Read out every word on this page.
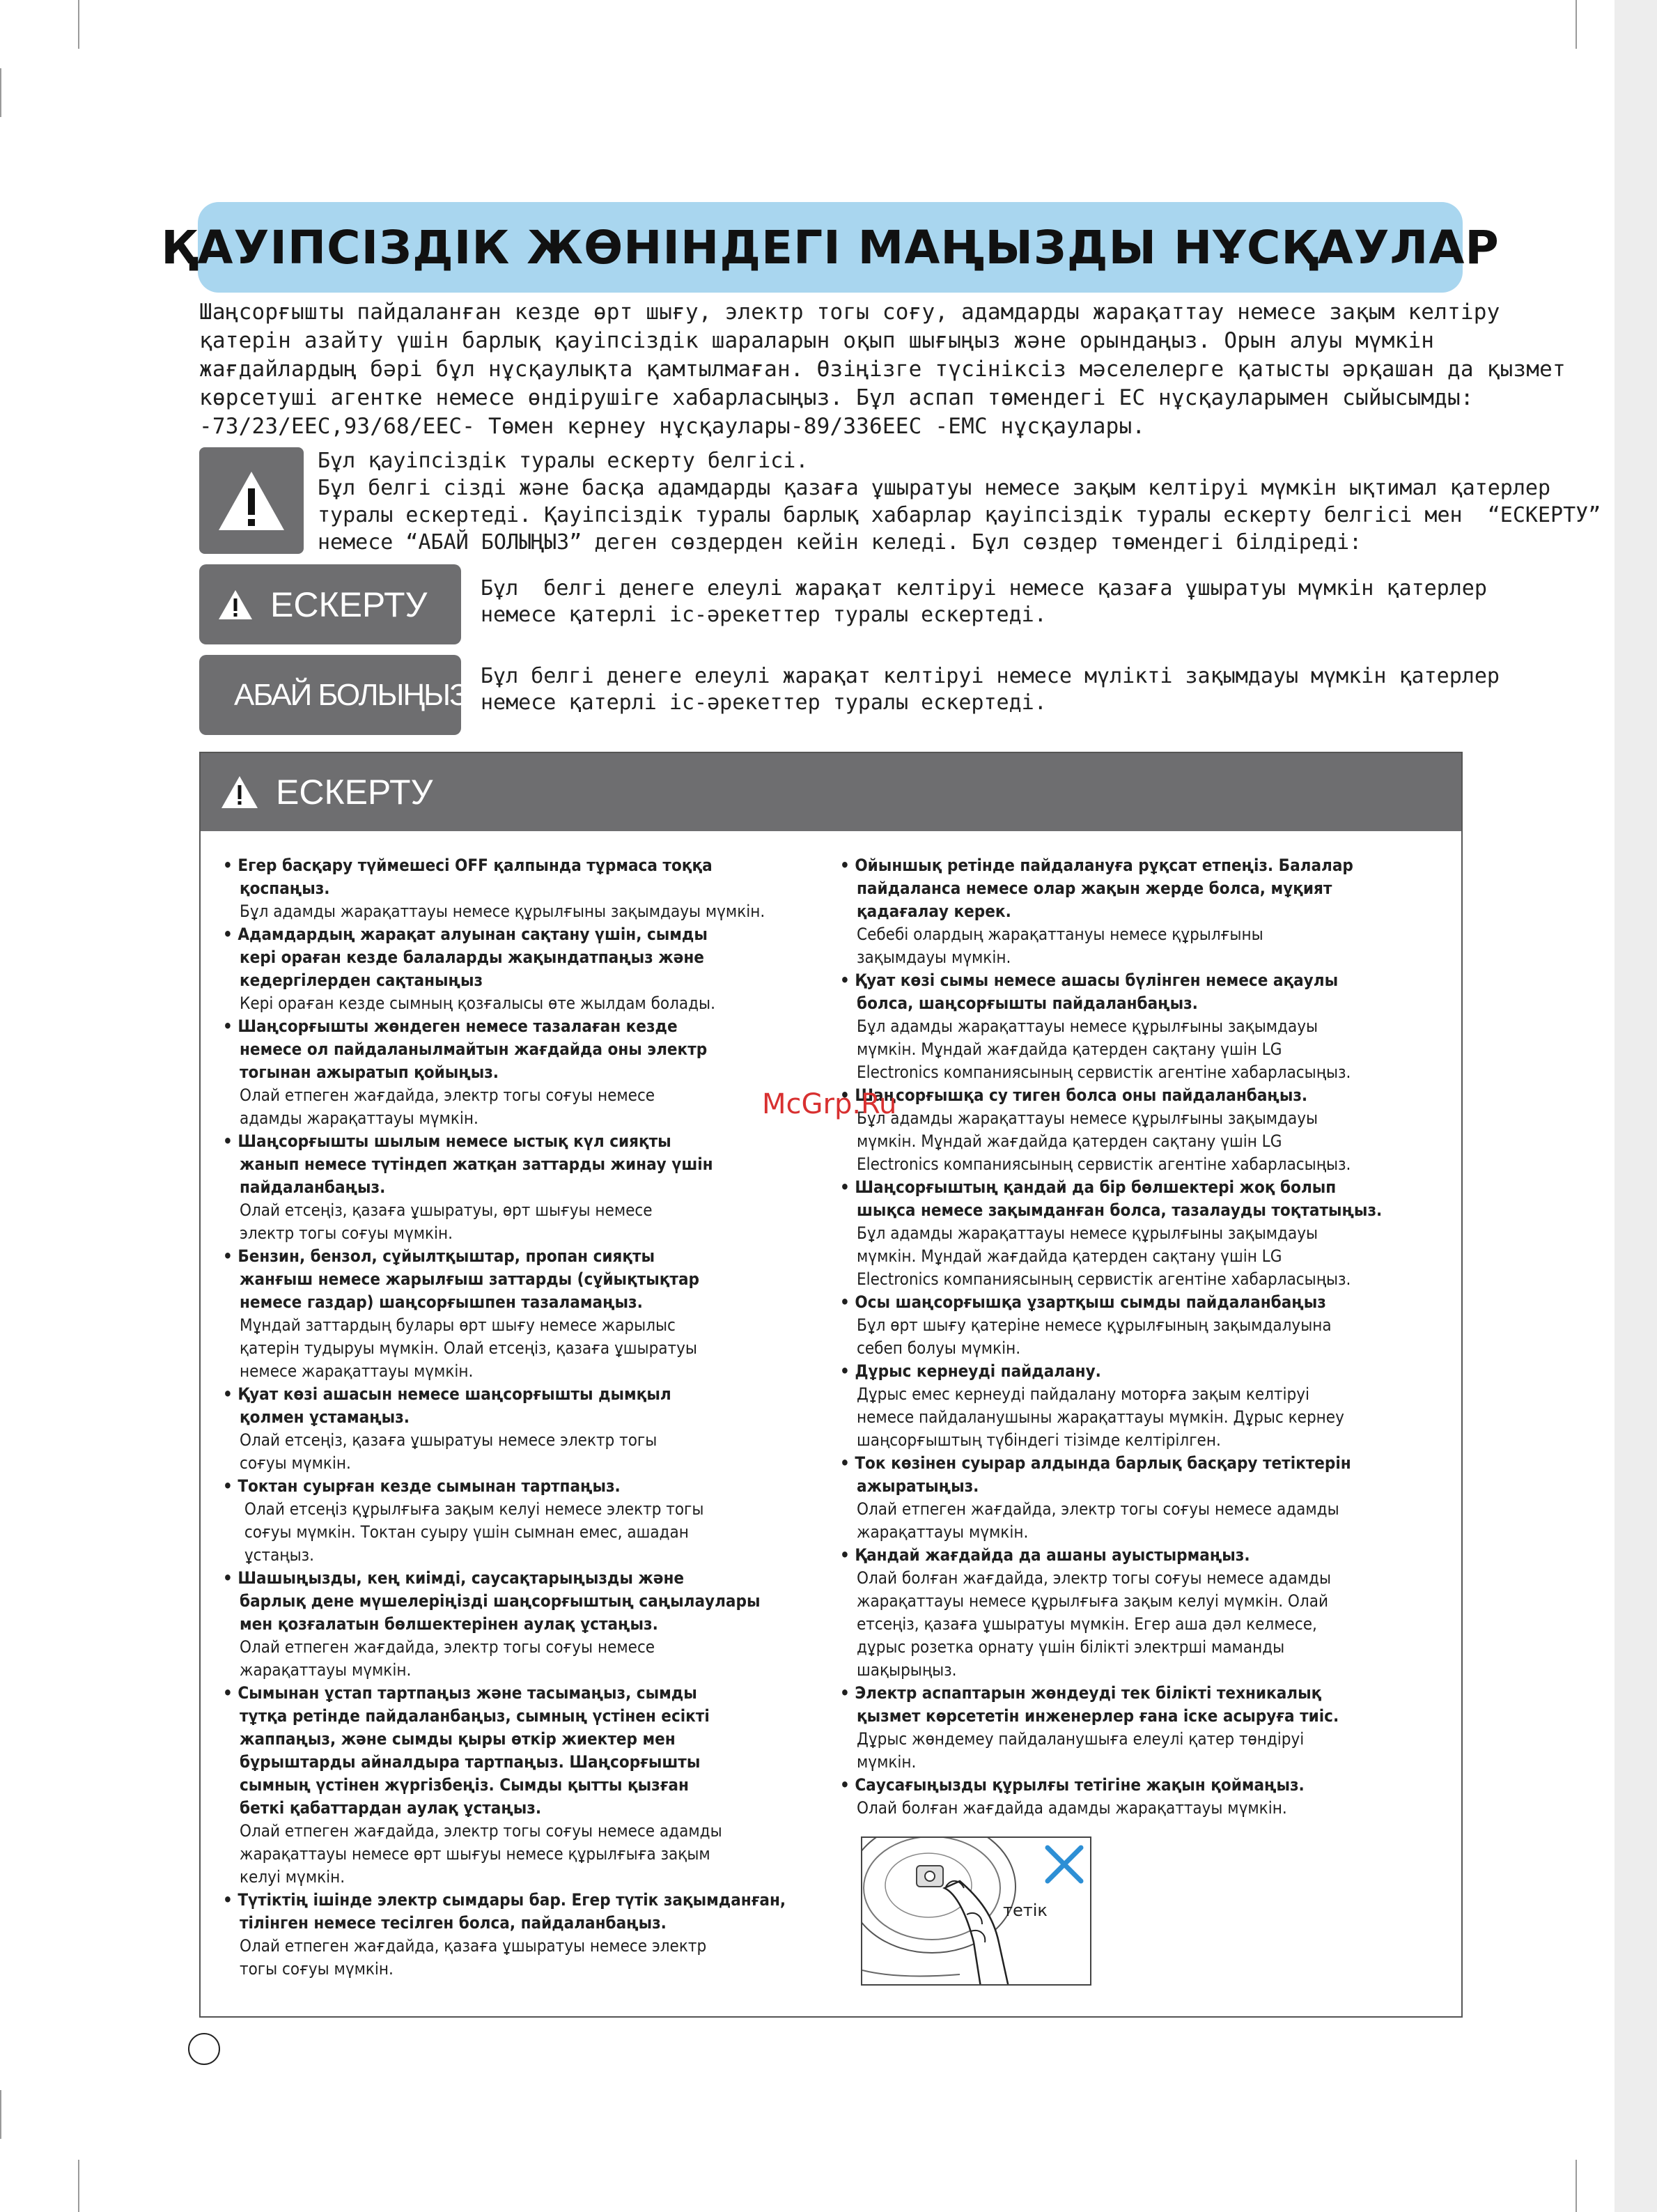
ҚАУІПСІЗДІК ЖӨНІНДЕГІ МАҢЫЗДЫ НҰСҚАУЛАР

Шаңсорғышты пайдаланған кезде өрт шығу, электр тогы соғу, адамдарды жарақаттау немесе зақым келтіру

қатерін азайту үшін барлық қауіпсіздік шараларын оқып шығыңыз және орындаңыз. Орын алуы мүмкін

жағдайлардың бәрі бұл нұсқаулықта қамтылмаған. Өзіңізге түсініксіз мәселелерге қатысты әрқашан да қызмет

көрсетуші агентке немесе өндірушіге хабарласыңыз. Бұл аспап төмендегі ЕС нұсқауларымен сыйысымды:

-73/23/EEC,93/68/EEC- Төмен кернеу нұсқаулары-89/336EEC -EMC нұсқаулары.

Бұл қауіпсіздік туралы ескерту белгісі.

Бұл белгі сізді және басқа адамдарды қазаға ұшыратуы немесе зақым келтіруі мүмкін ықтимал қатерлер

туралы ескертеді. Қауіпсіздік туралы барлық хабарлар қауіпсіздік туралы ескерту белгісі мен  “ЕСКЕРТУ”

немесе “АБАЙ БОЛЫҢЫЗ” деген сөздерден кейін келеді. Бұл сөздер төмендегі білдіреді:

ЕСКЕРТУ	Бұл  белгі денеге елеулі жарақат келтіруі немесе қазаға ұшыратуы мүмкін қатерлер

немесе қатерлі іс-әрекеттер туралы ескертеді.

АБАЙ БОЛЫҢЫЗ

Бұл белгі денеге елеулі жарақат келтіруі немесе мүлікті зақымдауы мүмкін қатерлер

немесе қатерлі іс-әрекеттер туралы ескертеді.

ЕСКЕРТУ
• Егер басқару түймешесі OFF қалпында тұрмаса тоққа
қоспаңыз.
Бұл адамды жарақаттауы немесе құрылғыны зақымдауы мүмкін.
• Адамдардың жарақат алуынан сақтану үшін, сымды
кері ораған кезде балаларды жақындатпаңыз және
кедергілерден сақтаныңыз
Кері ораған кезде сымның қозғалысы өте жылдам болады.
• Шаңсорғышты жөндеген немесе тазалаған кезде
немесе ол пайдаланылмайтын жағдайда оны электр
тогынан ажыратып қойыңыз.
Олай етпеген жағдайда, электр тогы соғуы немесе
адамды жарақаттауы мүмкін.
• Шаңсорғышты шылым немесе ыстық күл сияқты
жанып немесе түтіндеп жатқан заттарды жинау үшін
пайдаланбаңыз.
Олай етсеңіз, қазаға ұшыратуы, өрт шығуы немесе
электр тогы соғуы мүмкін.
• Бензин, бензол, сұйылтқыштар, пропан сияқты
жанғыш немесе жарылғыш заттарды (сұйықтықтар
немесе газдар) шаңсорғышпен тазаламаңыз.
Мұндай заттардың булары өрт шығу немесе жарылыс
қатерін тудыруы мүмкін. Олай етсеңіз, қазаға ұшыратуы
немесе жарақаттауы мүмкін.
• Қуат көзі ашасын немесе шаңсорғышты дымқыл
қолмен ұстамаңыз.
Олай етсеңіз, қазаға ұшыратуы немесе электр тогы
соғуы мүмкін.
• Токтан суырған кезде сымынан тартпаңыз.
Олай етсеңіз құрылғыға зақым келуі немесе электр тогы
соғуы мүмкін. Токтан суыру үшін сымнан емес, ашадан
ұстаңыз.
• Шашыңызды, кең киімді, саусақтарыңызды және
барлық дене мүшелеріңізді шаңсорғыштың саңылаулары
мен қозғалатын бөлшектерінен аулақ ұстаңыз.
Олай етпеген жағдайда, электр тогы соғуы немесе
жарақаттауы мүмкін.
• Сымынан ұстап тартпаңыз және тасымаңыз, сымды
тұтқа ретінде пайдаланбаңыз, сымның үстінен есікті
жаппаңыз, және сымды қыры өткір жиектер мен
бұрыштарды айналдыра тартпаңыз. Шаңсорғышты
сымның үстінен жүргізбеңіз. Сымды қытты қызған
беткі қабаттардан аулақ ұстаңыз.
Олай етпеген жағдайда, электр тогы соғуы немесе адамды
жарақаттауы немесе өрт шығуы немесе құрылғыға зақым
келуі мүмкін.
• Түтіктің ішінде электр сымдары бар. Егер түтік зақымданған,
тілінген немесе тесілген болса, пайдаланбаңыз.
Олай етпеген жағдайда, қазаға ұшыратуы немесе электр
тогы соғуы мүмкін.
• Ойыншық ретінде пайдалануға рұқсат етпеңіз. Балалар
пайдаланса немесе олар жақын жерде болса, мұқият
қадағалау керек.
Себебі олардың жарақаттануы немесе құрылғыны
зақымдауы мүмкін.
• Қуат көзі сымы немесе ашасы бүлінген немесе ақаулы
болса, шаңсорғышты пайдаланбаңыз.
Бұл адамды жарақаттауы немесе құрылғыны зақымдауы
мүмкін. Мұндай жағдайда қатерден сақтану үшін LG
Electronics компаниясының сервистік агентіне хабарласыңыз.
• Шаңсорғышқа су тиген болса оны пайдаланбаңыз.
Бұл адамды жарақаттауы немесе құрылғыны зақымдауы
мүмкін. Мұндай жағдайда қатерден сақтану үшін LG
Electronics компаниясының сервистік агентіне хабарласыңыз.
• Шаңсорғыштың қандай да бір бөлшектері жоқ болып
шықса немесе зақымданған болса, тазалауды тоқтатыңыз.
Бұл адамды жарақаттауы немесе құрылғыны зақымдауы
мүмкін. Мұндай жағдайда қатерден сақтану үшін LG
Electronics компаниясының сервистік агентіне хабарласыңыз.
• Осы шаңсорғышқа ұзартқыш сымды пайдаланбаңыз
Бұл өрт шығу қатеріне немесе құрылғының зақымдалуына
себеп болуы мүмкін.
• Дұрыс кернеуді пайдалану.
Дұрыс емес кернеуді пайдалану моторға зақым келтіруі
немесе пайдаланушыны жарақаттауы мүмкін. Дұрыс кернеу
шаңсорғыштың түбіндегі тізімде келтірілген.
• Ток көзінен суырар алдында барлық басқару тетіктерін
ажыратыңыз.
Олай етпеген жағдайда, электр тогы соғуы немесе адамды
жарақаттауы мүмкін.
• Қандай жағдайда да ашаны ауыстырмаңыз.
Олай болған жағдайда, электр тогы соғуы немесе адамды
жарақаттауы немесе құрылғыға зақым келуі мүмкін. Олай
етсеңіз, қазаға ұшыратуы мүмкін. Егер аша дәл келмесе,
дұрыс розетка орнату үшін білікті электрші маманды
шақырыңыз.
• Электр аспаптарын жөндеуді тек білікті техникалық
қызмет көрсететін инженерлер ғана іске асыруға тиіс.
Дұрыс жөндемеу пайдаланушыға елеулі қатер төндіруі
мүмкін.
• Саусағыңызды құрылғы тетігіне жақын қоймаңыз.
Олай болған жағдайда адамды жарақаттауы мүмкін.
тетік
McGrp.Ru
